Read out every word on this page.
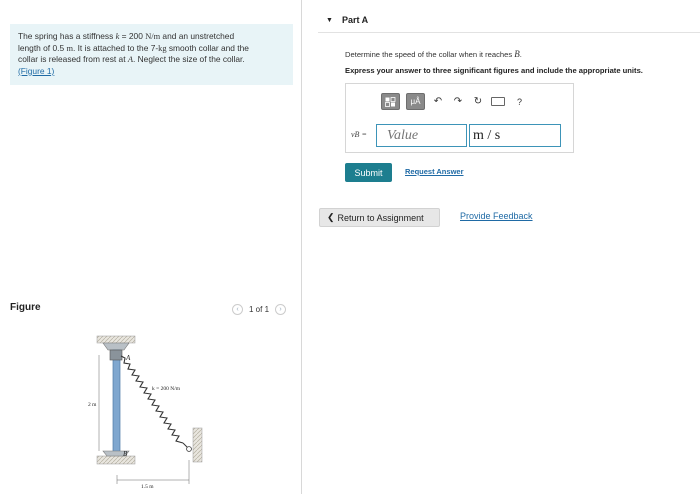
The spring has a stiffness k = 200 N/m and an unstretched
length of 0.5 m. It is attached to the 7-kg smooth collar and the
collar is released from rest at A. Neglect the size of the collar.
(Figure 1)
Figure	‹	1 of 1	›
A
B
k = 200 N/m
2 m
1.5 m
▼ Part A
Determine the speed of the collar when it reaches B.
Express your answer to three significant figures and include the appropriate units.
μÅ	↶ ↷ ↻	?
vB =
Value
m / s
Submit	Request Answer
❮ Return to Assignment	Provide Feedback
